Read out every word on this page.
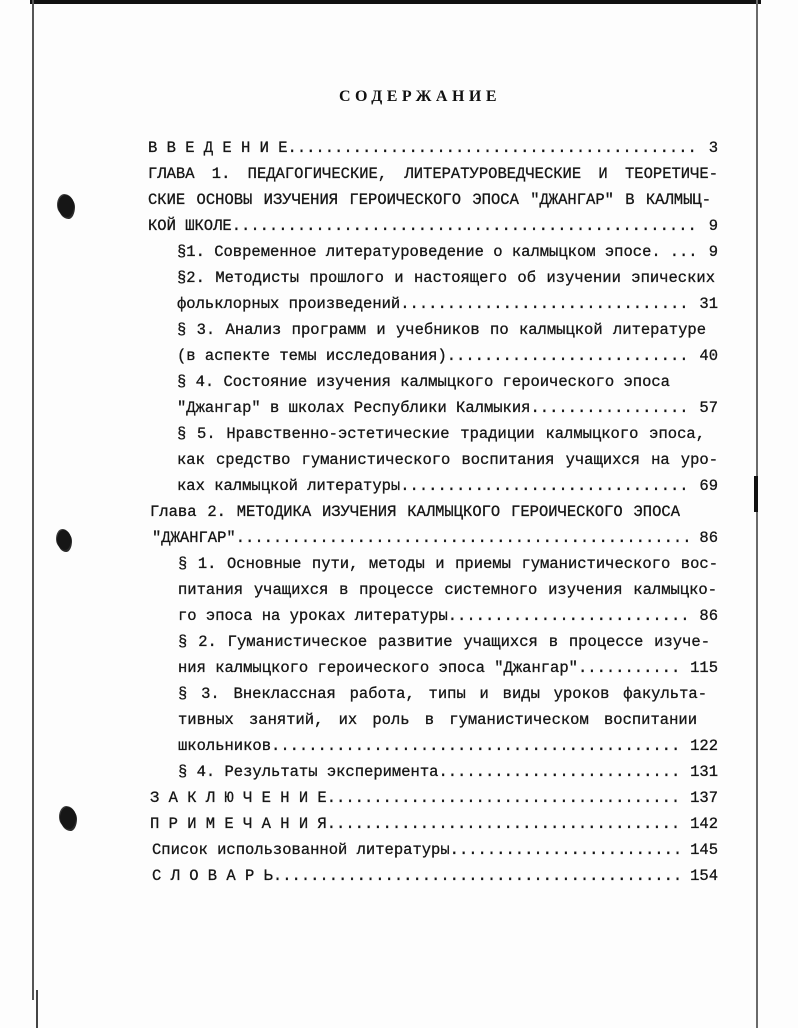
СОДЕРЖАНИЕ
В В Е Д Е Н И Е .....	3
ГЛАВА 1. ПЕДАГОГИЧЕСКИЕ, ЛИТЕРАТУРОВЕДЧЕСКИЕ И ТЕОРЕТИЧЕ-
СКИЕ ОСНОВЫ ИЗУЧЕНИЯ ГЕРОИЧЕСКОГО ЭПОСА "ДЖАНГАР" В КАЛМЫЦ-
КОЙ ШКОЛЕ .....	9
§1. Современное литературоведение о калмыцком эпосе. .....	9
§2. Методисты прошлого и настоящего об изучении эпических
фольклорных произведений .....	31
§ 3. Анализ программ и учебников по калмыцкой литературе
(в аспекте темы исследования) .....	40
§ 4. Состояние изучения калмыцкого героического эпоса
"Джангар" в школах Республики Калмыкия .....	57
§ 5. Нравственно-эстетические традиции калмыцкого эпоса,
как средство гуманистического воспитания учащихся на уро-
ках калмыцкой литературы .....	69
Глава 2. МЕТОДИКА ИЗУЧЕНИЯ КАЛМЫЦКОГО ГЕРОИЧЕСКОГО ЭПОСА
"ДЖАНГАР" .....	86
§ 1. Основные пути, методы и приемы гуманистического вос-
питания учащихся в процессе системного изучения калмыцко-
го эпоса на уроках литературы .....	86
§ 2. Гуманистическое развитие учащихся в процессе изуче-
ния калмыцкого героического эпоса "Джангар" .....	115
§ 3. Внеклассная работа, типы и виды уроков факульта-
тивных занятий, их роль в гуманистическом воспитании
школьников .....	122
§ 4. Результаты эксперимента .....	131
З А К Л Ю Ч Е Н И Е .....	137
П Р И М Е Ч А Н И Я .....	142
Список использованной литературы .....	145
С Л О В А Р Ь .....	154
